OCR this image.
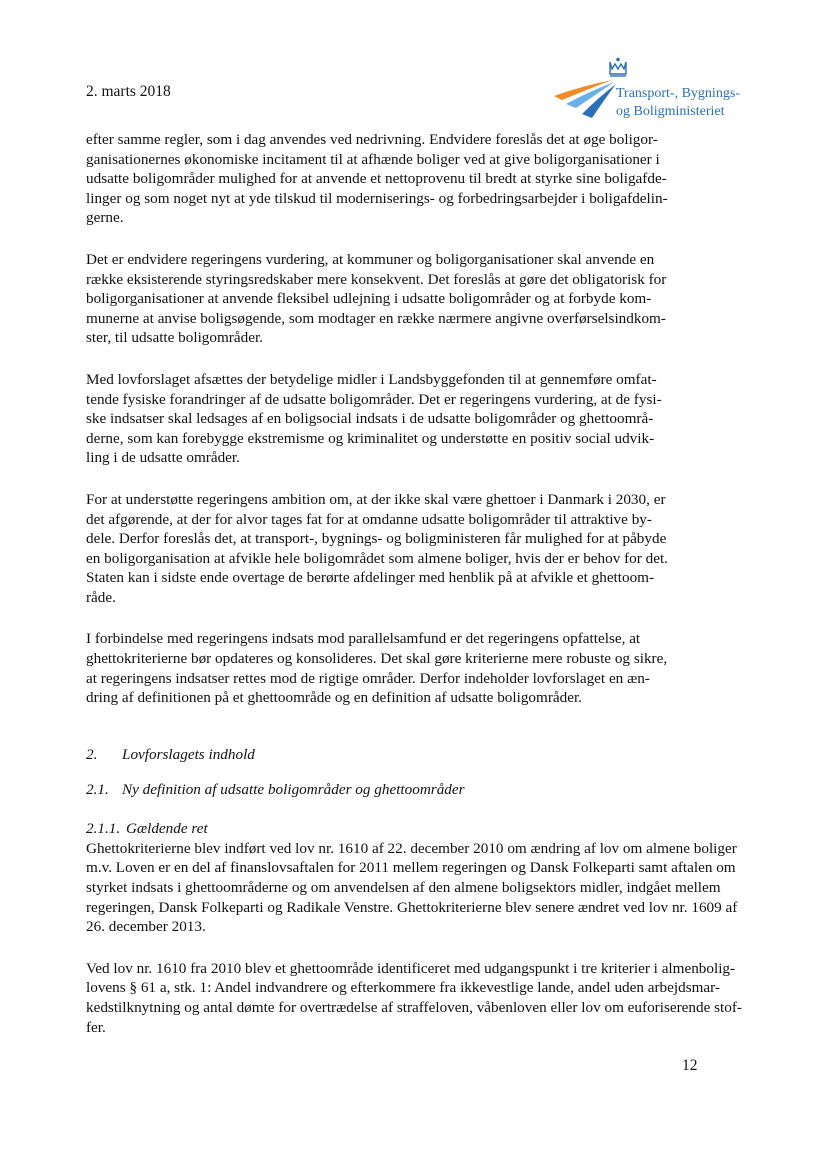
2. marts 2018	Transport-, Bygnings-
og Boligministeriet

efter samme regler, som i dag anvendes ved nedrivning. Endvidere foreslås det at øge boligor-
ganisationernes økonomiske incitament til at afhænde boliger ved at give boligorganisationer i
udsatte boligområder mulighed for at anvende et nettoprovenu til bredt at styrke sine boligafde-
linger og som noget nyt at yde tilskud til moderniserings- og forbedringsarbejder i boligafdelin-
gerne.

Det er endvidere regeringens vurdering, at kommuner og boligorganisationer skal anvende en
række eksisterende styringsredskaber mere konsekvent. Det foreslås at gøre det obligatorisk for
boligorganisationer at anvende fleksibel udlejning i udsatte boligområder og at forbyde kom-
munerne at anvise boligsøgende, som modtager en række nærmere angivne overførselsindkom-
ster, til udsatte boligområder.

Med lovforslaget afsættes der betydelige midler i Landsbyggefonden til at gennemføre omfat-
tende fysiske forandringer af de udsatte boligområder. Det er regeringens vurdering, at de fysi-
ske indsatser skal ledsages af en boligsocial indsats i de udsatte boligområder og ghettoområ-
derne, som kan forebygge ekstremisme og kriminalitet og understøtte en positiv social udvik-
ling i de udsatte områder.

For at understøtte regeringens ambition om, at der ikke skal være ghettoer i Danmark i 2030, er
det afgørende, at der for alvor tages fat for at omdanne udsatte boligområder til attraktive by-
dele. Derfor foreslås det, at transport-, bygnings- og boligministeren får mulighed for at påbyde
en boligorganisation at afvikle hele boligområdet som almene boliger, hvis der er behov for det.
Staten kan i sidste ende overtage de berørte afdelinger med henblik på at afvikle et ghettoom-
råde.

I forbindelse med regeringens indsats mod parallelsamfund er det regeringens opfattelse, at
ghettokriterierne bør opdateres og konsolideres. Det skal gøre kriterierne mere robuste og sikre,
at regeringens indsatser rettes mod de rigtige områder. Derfor indeholder lovforslaget en æn-
dring af definitionen på et ghettoområde og en definition af udsatte boligområder.

2. Lovforslagets indhold
2.1. Ny definition af udsatte boligområder og ghettoområder
2.1.1. Gældende ret

Ghettokriterierne blev indført ved lov nr. 1610 af 22. december 2010 om ændring af lov om almene boliger
m.v. Loven er en del af finanslovsaftalen for 2011 mellem regeringen og Dansk Folkeparti samt aftalen om
styrket indsats i ghettoområderne og om anvendelsen af den almene boligsektors midler, indgået mellem
regeringen, Dansk Folkeparti og Radikale Venstre. Ghettokriterierne blev senere ændret ved lov nr. 1609 af
26. december 2013.

Ved lov nr. 1610 fra 2010 blev et ghettoområde identificeret med udgangspunkt i tre kriterier i almenbolig-
lovens § 61 a, stk. 1: Andel indvandrere og efterkommere fra ikkevestlige lande, andel uden arbejdsmar-
kedstilknytning og antal dømte for overtrædelse af straffeloven, våbenloven eller lov om euforiserende stof-
fer.

12
